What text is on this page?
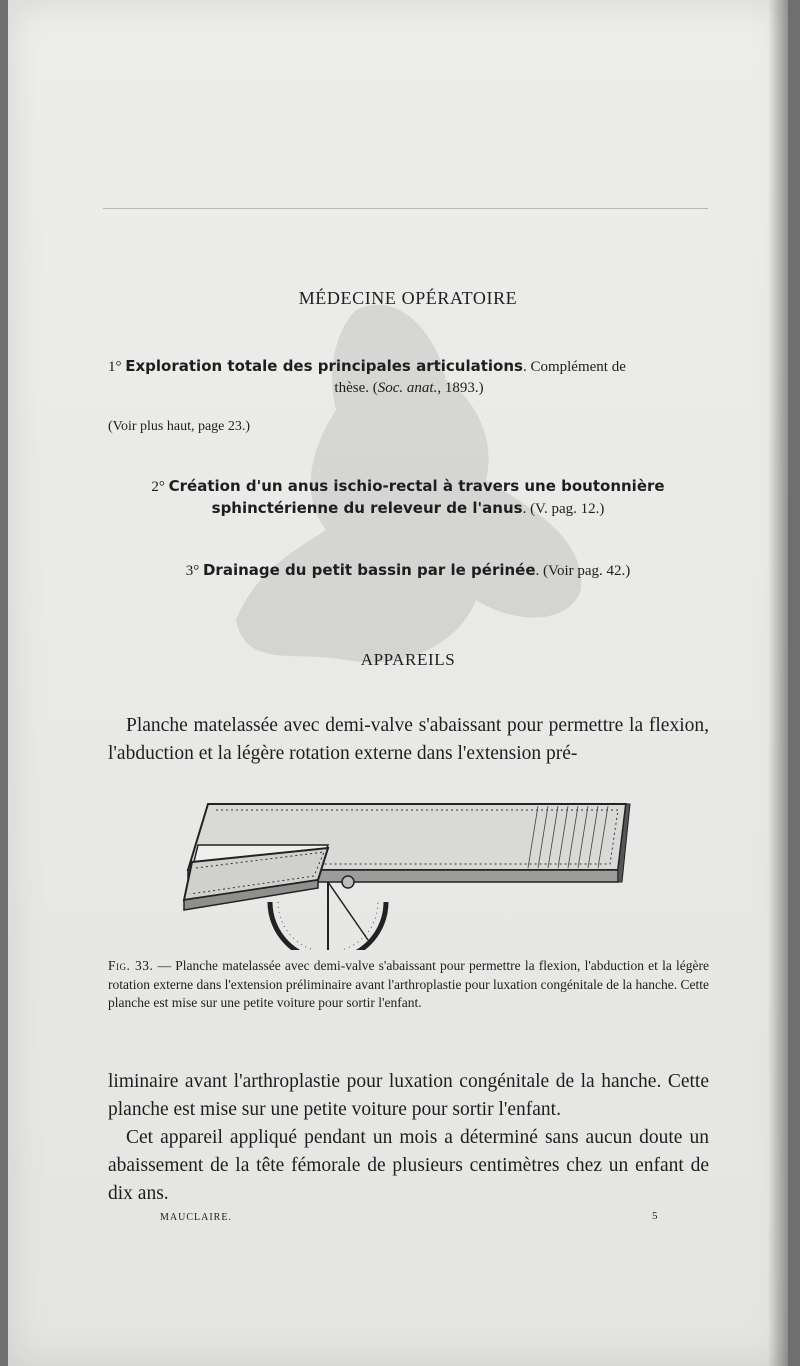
MÉDECINE OPÉRATOIRE
1° Exploration totale des principales articulations. Complément de
thèse. (Soc. anat., 1893.)
(Voir plus haut, page 23.)
2° Création d'un anus ischio-rectal à travers une boutonnière
sphinctérienne du releveur de l'anus. (V. pag. 12.)
3° Drainage du petit bassin par le périnée. (Voir pag. 42.)
APPAREILS
Planche matelassée avec demi-valve s'abaissant pour permettre la flexion, l'abduction et la légère rotation externe dans l'extension pré-
Fig. 33. — Planche matelassée avec demi-valve s'abaissant pour permettre la flexion, l'abduction et la légère rotation externe dans l'extension préliminaire avant l'arthroplastie pour luxation congénitale de la hanche. Cette planche est mise sur une petite voiture pour sortir l'enfant.
liminaire avant l'arthroplastie pour luxation congénitale de la hanche. Cette planche est mise sur une petite voiture pour sortir l'enfant.
Cet appareil appliqué pendant un mois a déterminé sans aucun doute un abaissement de la tête fémorale de plusieurs centimètres chez un enfant de dix ans.
MAUCLAIRE.	5
